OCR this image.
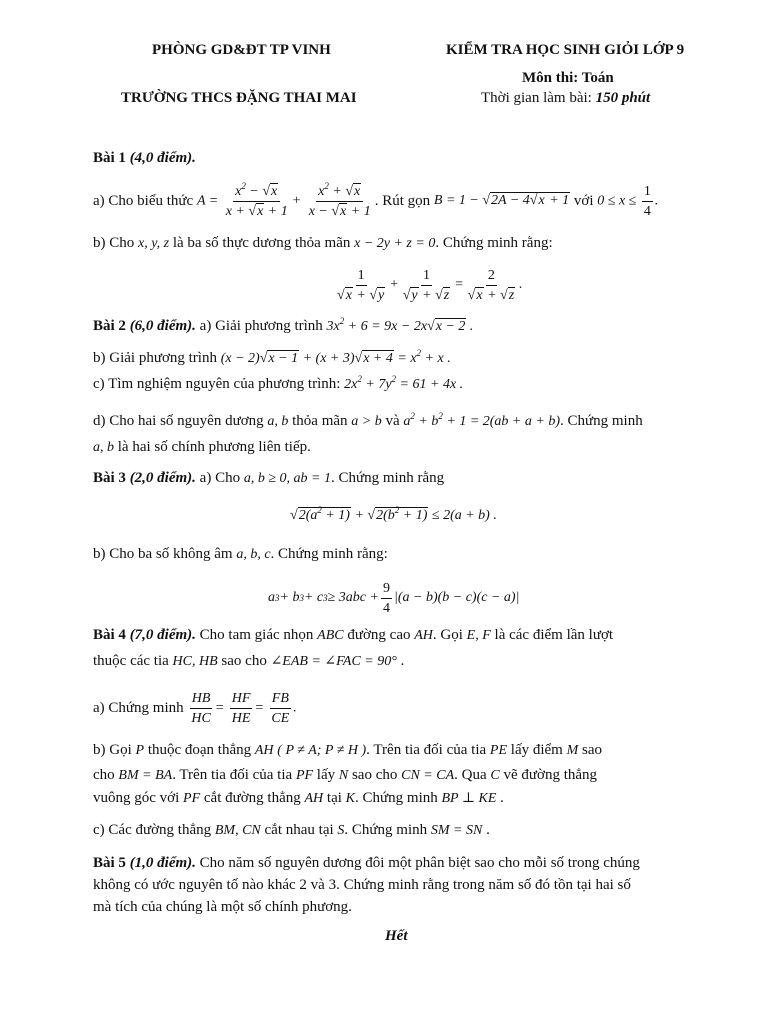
PHÒNG GD&ĐT TP VINH
TRƯỜNG THCS ĐẶNG THAI MAI
KIỂM TRA HỌC SINH GIỎI LỚP 9
Môn thi: Toán
Thời gian làm bài: 150 phút
Bài 1 (4,0 điểm).
a) Cho biểu thức
$A = \frac{x^2 - √x}{x + √x + 1} + \frac{x^2 + √x}{x - √x + 1}$ . Rút gọn
B = 1 − √2A − 4√x + 1
với
$0 \le x \le \frac{1}{4}$ .
b) Cho x, y, z là ba số thực dương thỏa mãn x − 2y + z = 0. Chứng minh rằng:
$\frac{1}{√x + √y} + \frac{1}{√y + √z} = \frac{2}{√x + √z}$ .
Bài 2
(6,0 điểm).
a) Giải phương trình
$3x^2 + 6 = 9x - 2x√x - 2$ .
b) Giải phương trình
$(x - 2)√x - 1 + (x + 3)√x + 4 = x^2 + x$ .
c) Tìm nghiệm nguyên của phương trình:
$2x^2 + 7y^2 = 61 + 4x$ .
d) Cho hai số nguyên dương
a, b
thỏa mãn
a > b
và
$a^2 + b^2 + 1 = 2(ab + a + b)$ . Chứng minh
a, b là hai số chính phương liên tiếp.
Bài 3
(2,0 điểm).
a) Cho
a, b ≥ 0, ab = 1 . Chứng minh rằng
$√2(a^2 + 1) + √2(b^2 + 1) \le 2(a + b)$ .
b) Cho ba số không âm
a, b, c . Chứng minh rằng:
a 3 + b 3 + c $3 \ge 3abc + \frac{9}{4} |(a - b)(b - c)(c - a)|$
Bài 4
(7,0 điểm).
Cho tam giác nhọn
ABC
đường cao
AH . Gọi
E, F
là các điểm lần lượt
thuộc các tia
HC, HB
sao cho
∠EAB = ∠FAC = 90° .
a) Chứng minh
$\frac{HB}{HC} = \frac{HF}{HE} = \frac{FB}{CE}$ .
b) Gọi
P
thuộc đoạn thẳng
AH
( P ≠ A; P ≠ H ) . Trên tia đối của tia
PE
lấy điểm
M
sao
cho
BM = BA . Trên tia đối của tia
PF
lấy
N
sao cho
CN = CA . Qua
C
vẽ đường thẳng
vuông góc với
PF
cắt đường thẳng
AH
tại
K . Chứng minh
BP ⊥ KE .
c) Các đường thẳng
BM, CN
cắt nhau tại
S . Chứng minh
SM = SN .
Bài 5 (1,0 điểm). Cho năm số nguyên dương đôi một phân biệt sao cho mỗi số trong chúng
không có ước nguyên tố nào khác 2 và 3. Chứng minh rằng trong năm số đó tồn tại hai số
mà tích của chúng là một số chính phương.
Hết
